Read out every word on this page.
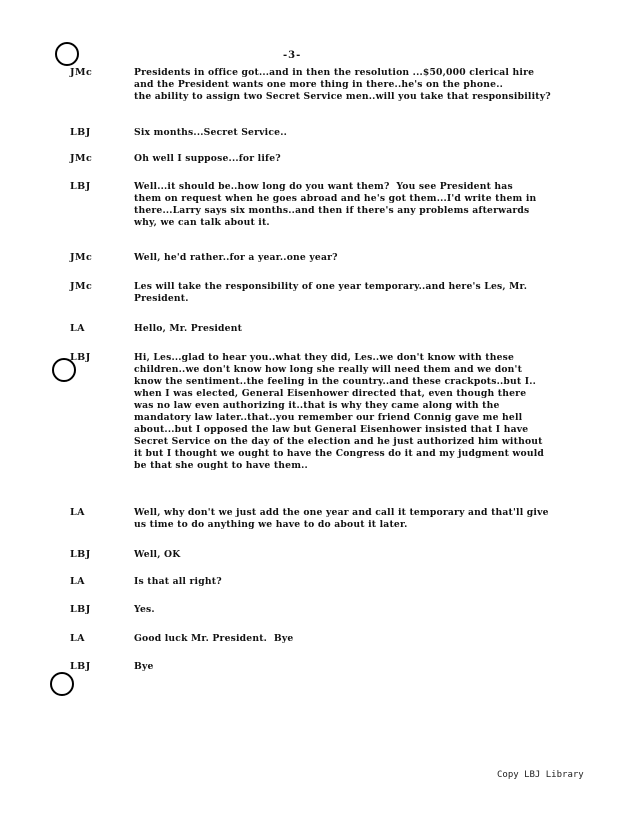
-3-
JMc	Presidents in office got...and in then the resolution ...$50,000 clerical hire
and the President wants one more thing in there..he's on the phone..
the ability to assign two Secret Service men..will you take that responsibility?
LBJ	Six months...Secret Service..
JMc	Oh well I suppose...for life?
LBJ	Well...it should be..how long do you want them?  You see President has
them on request when he goes abroad and he's got them...I'd write them in
there...Larry says six months..and then if there's any problems afterwards
why, we can talk about it.
JMc	Well, he'd rather..for a year..one year?
JMc	Les will take the responsibility of one year temporary..and here's Les, Mr.
President.
LA	Hello, Mr. President
LBJ	Hi, Les...glad to hear you..what they did, Les..we don't know with these
children..we don't know how long she really will need them and we don't
know the sentiment..the feeling in the country..and these crackpots..but I..
when I was elected, General Eisenhower directed that, even though there
was no law even authorizing it..that is why they came along with the
mandatory law later..that..you remember our friend Connig gave me hell
about...but I opposed the law but General Eisenhower insisted that I have
Secret Service on the day of the election and he just authorized him without
it but I thought we ought to have the Congress do it and my judgment would
be that she ought to have them..
LA	Well, why don't we just add the one year and call it temporary and that'll give
us time to do anything we have to do about it later.
LBJ	Well, OK
LA	Is that all right?
LBJ	Yes.
LA	Good luck Mr. President.  Bye
LBJ	Bye
Copy LBJ Library
